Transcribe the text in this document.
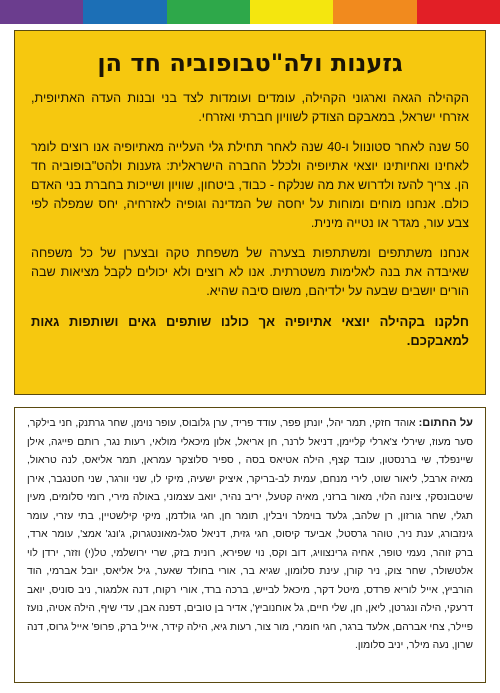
גזענות ולה"טבופוביה חד הן

הקהילה הגאה וארגוני הקהילה, עומדים ועומדות לצד בני ובנות העדה האתיופית, אזרחי ישראל, במאבקם הצודק לשוויון חברתי ואזרחי.

50 שנה לאחר סטונוול ו-40 שנה לאחר תחילת גלי העלייה מאתיופיה אנו רוצים לומר לאחינו ואחיותינו יוצאי אתיופיה ולכלל החברה הישראלית: גזענות ולהט"בופוביה חד הן. צריך להעז ולדרוש את מה שנלקח - כבוד, ביטחון, שוויון ושייכות בחברת בני האדם כולם. אנחנו מוחים ומוחות על יחסה של המדינה וגופיה לאזרחיה, יחס שמפלה לפי צבע עור, מגדר או נטייה מינית.

אנחנו משתתפים ומשתתפות בצערה של משפחת טקה ובצערן של כל משפחה שאיבדה את בנה לאלימות משטרתית. אנו לא רוצים ולא יכולים לקבל מציאות שבה הורים יושבים שבעה על ילדיהם, משום סיבה שהיא.

חלקנו בקהילה יוצאי אתיופיה אך כולנו שותפים גאים ושותפות גאות למאבקכם.

על החתום: אוהד חזקי, תמר יהל, יונתן פפר, עודד פריד, ערן גלובוס, עופר נוימן, שחר גרתנק, חני בילקר, סער מעוז, שירלי צ'ארלי קליימן, דניאל לרנר, חן אריאל, אלון מיכאלי מולאי, רעות נגר, רותם פייגה, אילן שיינפלד, שי ברנסטון, עובד קצף, הילה אטיאס בסה , ספיר סלוצקר עמראן, תמר אליאס, לנה טראול, מאיה ארבל, ליאור שוט, לירי מנחם, עמית לב-בריקר, איציק ישעיה, מיקי לו, שני וורגר, שני חטנגבר, אירן שיטבונסקי, ציונה הלוי, מאור ברזני, מאיה קטעל, יריב נהיר, יואב עצמוני, באולה מירי, רומי סלומים, מעין תגלי, שחר גורזון, רן שלהב, גלעד בוימלר ויבלין, תומר חן, חגי גולדמן, מיקי קילשטיין, בתי עזרי, עומר גינזבורג, ענת ניר, טוהר גרסטל, אביעד קיסוס, חגי גזית, דניאל סגל-מאונטגרוק, ג'ונג' אמצ', עומר ארד, ברק זוהר, נעמי טופר, אחיה גרינצוויג, דוב וקס, נוי שפירא, רונית בזק, שרי ירושלמי, טל(י) וזזר, ירדן לוי אלטשולר, שחר צוק, ניר קורן, עינת סלומון, שגיא בר, אורי בחולד שאער, גיל אליאס, יובל אברמי, הוד הורביץ, אייל לוריא פרדס, מיטל דקר, מיכאל לבייש, ברכה ברד, אורי רקוח, דנה אלמגור, ניב סוניס, יואב דרעקי, הילה ונגרטן, ליאן, חן, שלי חיים, גל אוחנוביץ', אדיר בן טובים, דפנה אבן, עדי שיף, הילה אטיה, נועז פיילר, צחי אברהם, אלעד ברגר, חגי חומרי, מור צור, רעות גיא, הילה קידר, אייל ברק, פרופ' אייל גרוס, דנה שרון, נעה מילר, יניב סלומון.
